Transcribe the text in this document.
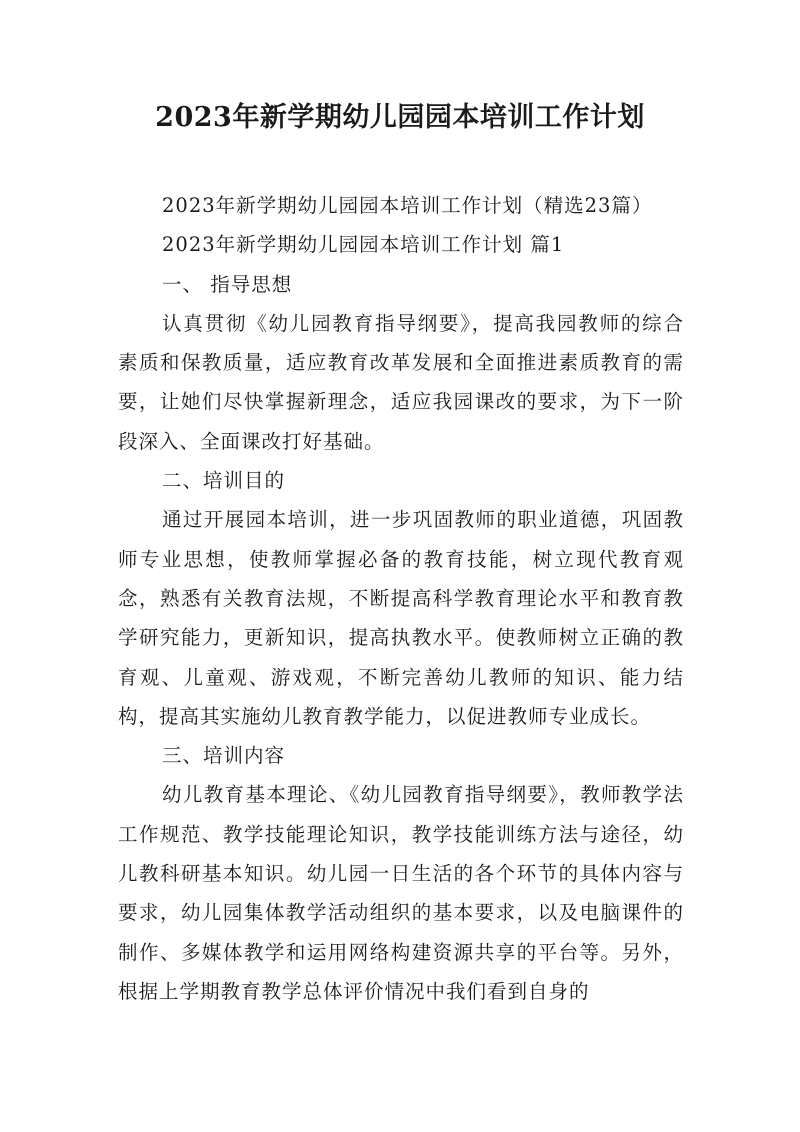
2023年新学期幼儿园园本培训工作计划

2023年新学期幼儿园园本培训工作计划（精选23篇）

2023年新学期幼儿园园本培训工作计划 篇1

一、 指导思想

认真贯彻《幼儿园教育指导纲要》，提高我园教师的综合素质和保教质量，适应教育改革发展和全面推进素质教育的需要，让她们尽快掌握新理念，适应我园课改的要求，为下一阶段深入、全面课改打好基础。

二、培训目的

通过开展园本培训，进一步巩固教师的职业道德，巩固教师专业思想，使教师掌握必备的教育技能，树立现代教育观念，熟悉有关教育法规，不断提高科学教育理论水平和教育教学研究能力，更新知识，提高执教水平。使教师树立正确的教育观、儿童观、游戏观，不断完善幼儿教师的知识、能力结构，提高其实施幼儿教育教学能力，以促进教师专业成长。

三、培训内容

幼儿教育基本理论、《幼儿园教育指导纲要》，教师教学法工作规范、教学技能理论知识，教学技能训练方法与途径，幼儿教科研基本知识。幼儿园一日生活的各个环节的具体内容与要求，幼儿园集体教学活动组织的基本要求，以及电脑课件的制作、多媒体教学和运用网络构建资源共享的平台等。另外，根据上学期教育教学总体评价情况中我们看到自身的
